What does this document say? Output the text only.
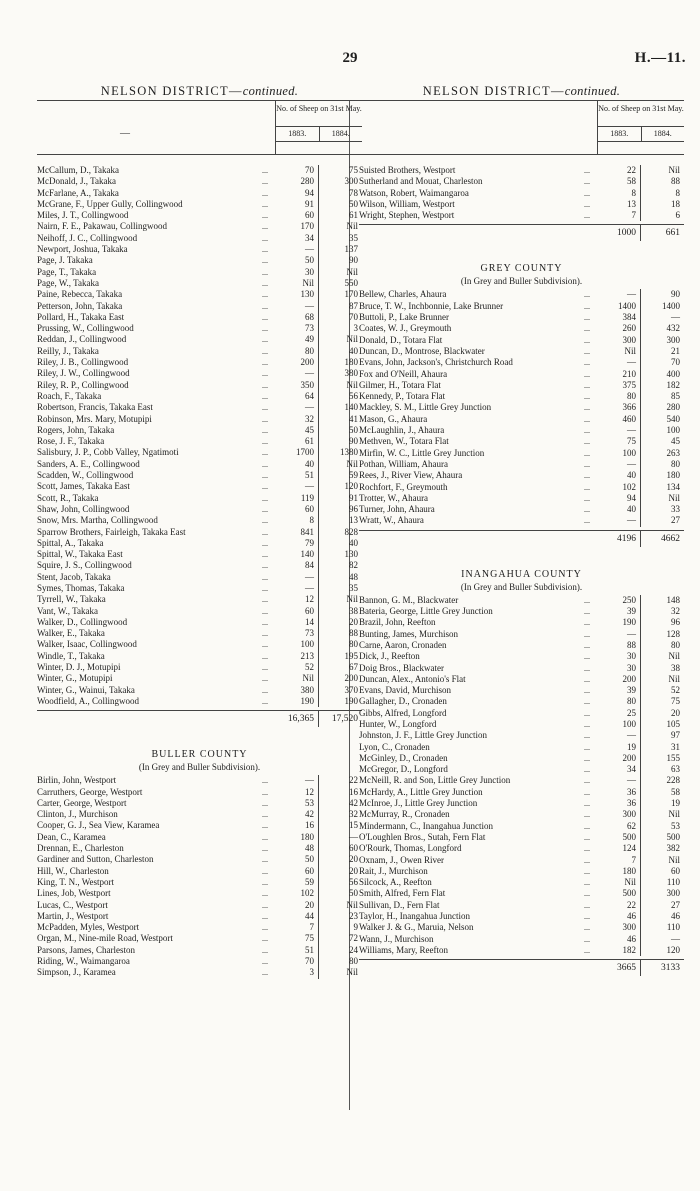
29	H.—11.
NELSON DISTRICT—continued.
—
No. of Sheep on 31st May.
1883.	1884.
McCallum, D., Takaka	...	70	75
McDonald, J., Takaka	...	280	300
McFarlane, A., Takaka	...	94	78
McGrane, F., Upper Gully, Collingwood	...	91	50
Miles, J. T., Collingwood	...	60	61
Nairn, F. E., Pakawau, Collingwood	...	170	Nil
Neihoff, J. C., Collingwood	...	34	35
Newport, Joshua, Takaka	...	—	137
Page, J. Takaka	...	50	90
Page, T., Takaka	...	30	Nil
Page, W., Takaka	...	Nil	550
Paine, Rebecca, Takaka	...	130	170
Petterson, John, Takaka	...	—	87
Pollard, H., Takaka East	...	68	70
Prussing, W., Collingwood	...	73	3
Reddan, J., Collingwood	...	49	Nil
Reilly, J., Takaka	...	80	40
Riley, J. B., Collingwood	...	200	180
Riley, J. W., Collingwood	...	—	380
Riley, R. P., Collingwood	...	350	Nil
Roach, F., Takaka	...	64	56
Robertson, Francis, Takaka East	...	—	140
Robinson, Mrs. Mary, Motupipi	...	32	41
Rogers, John, Takaka	...	45	50
Rose, J. F., Takaka	...	61	90
Salisbury, J. P., Cobb Valley, Ngatimoti	...	1700	1380
Sanders, A. E., Collingwood	...	40	Nil
Scadden, W., Collingwood	...	51	59
Scott, James, Takaka East	...	—	120
Scott, R., Takaka	...	119	91
Shaw, John, Collingwood	...	60	96
Snow, Mrs. Martha, Collingwood	...	8	13
Sparrow Brothers, Fairleigh, Takaka East	...	841	828
Spittal, A., Takaka	...	79	40
Spittal, W., Takaka East	...	140	130
Squire, J. S., Collingwood	...	84	82
Stent, Jacob, Takaka	...	—	48
Symes, Thomas, Takaka	...	—	35
Tyrrell, W., Takaka	...	12	Nil
Vant, W., Takaka	...	60	38
Walker, D., Collingwood	...	14	20
Walker, E., Takaka	...	73	88
Walker, Isaac, Collingwood	...	100	80
Windle, T., Takaka	...	213	195
Winter, D. J., Motupipi	...	52	67
Winter, G., Motupipi	...	Nil	200
Winter, G., Wainui, Takaka	...	380	370
Woodfield, A., Collingwood	...	190	190
16,365	17,520
BULLER COUNTY
(In Grey and Buller Subdivision).
Birlin, John, Westport	...	—	22
Carruthers, George, Westport	...	12	16
Carter, George, Westport	...	53	42
Clinton, J., Murchison	...	42	32
Cooper, G. J., Sea View, Karamea	...	16	15
Dean, C., Karamea	...	180	—
Drennan, E., Charleston	...	48	60
Gardiner and Sutton, Charleston	...	50	20
Hill, W., Charleston	...	60	20
King, T. N., Westport	...	59	56
Lines, Job, Westport	...	102	50
Lucas, C., Westport	...	20	Nil
Martin, J., Westport	...	44	23
McPadden, Myles, Westport	...	7	9
Organ, M., Nine-mile Road, Westport	...	75	72
Parsons, James, Charleston	...	51	24
Riding, W., Waimangaroa	...	70	80
Simpson, J., Karamea	...	3	Nil
NELSON DISTRICT—continued.
No. of Sheep on 31st May.
1883.	1884.
Suisted Brothers, Westport	...	22	Nil
Sutherland and Mouat, Charleston	...	58	88
Watson, Robert, Waimangaroa	...	8	8
Wilson, William, Westport	...	13	18
Wright, Stephen, Westport	...	7	6
1000	661
GREY COUNTY
(In Grey and Buller Subdivision).
Bellew, Charles, Ahaura	...	—	90
Bruce, T. W., Inchbonnie, Lake Brunner	...	1400	1400
Buttoli, P., Lake Brunner	...	384	—
Coates, W. J., Greymouth	...	260	432
Donald, D., Totara Flat	...	300	300
Duncan, D., Montrose, Blackwater	...	Nil	21
Evans, John, Jackson's, Christchurch Road	...	—	70
Fox and O'Neill, Ahaura	...	210	400
Gilmer, H., Totara Flat	...	375	182
Kennedy, P., Totara Flat	...	80	85
Mackley, S. M., Little Grey Junction	...	366	280
Mason, G., Ahaura	...	460	540
McLaughlin, J., Ahaura	...	—	100
Methven, W., Totara Flat	...	75	45
Mirfin, W. C., Little Grey Junction	...	100	263
Pothan, William, Ahaura	...	—	80
Rees, J., River View, Ahaura	...	40	180
Rochfort, F., Greymouth	...	102	134
Trotter, W., Ahaura	...	94	Nil
Turner, John, Ahaura	...	40	33
Wratt, W., Ahaura	...	—	27
4196	4662
INANGAHUA COUNTY
(In Grey and Buller Subdivision).
Bannon, G. M., Blackwater	...	250	148
Bateria, George, Little Grey Junction	...	39	32
Brazil, John, Reefton	...	190	96
Bunting, James, Murchison	...	—	128
Carne, Aaron, Cronaden	...	88	80
Dick, J., Reefton	...	30	Nil
Doig Bros., Blackwater	...	30	38
Duncan, Alex., Antonio's Flat	...	200	Nil
Evans, David, Murchison	...	39	52
Gallagher, D., Cronaden	...	80	75
Gibbs, Alfred, Longford	...	25	20
Hunter, W., Longford	...	100	105
Johnston, J. F., Little Grey Junction	...	—	97
Lyon, C., Cronaden	...	19	31
McGinley, D., Cronaden	...	200	155
McGregor, D., Longford	...	34	63
McNeill, R. and Son, Little Grey Junction	...	—	228
McHardy, A., Little Grey Junction	...	36	58
McInroe, J., Little Grey Junction	...	36	19
McMurray, R., Cronaden	...	300	Nil
Mindermann, C., Inangahua Junction	...	62	53
O'Loughlen Bros., Sutah, Fern Flat	...	500	500
O'Rourk, Thomas, Longford	...	124	382
Oxnam, J., Owen River	...	7	Nil
Rait, J., Murchison	...	180	60
Silcock, A., Reefton	...	Nil	110
Smith, Alfred, Fern Flat	...	500	300
Sullivan, D., Fern Flat	...	22	27
Taylor, H., Inangahua Junction	...	46	46
Walker J. & G., Maruia, Nelson	...	300	110
Wann, J., Murchison	...	46	—
Williams, Mary, Reefton	...	182	120
3665	3133
